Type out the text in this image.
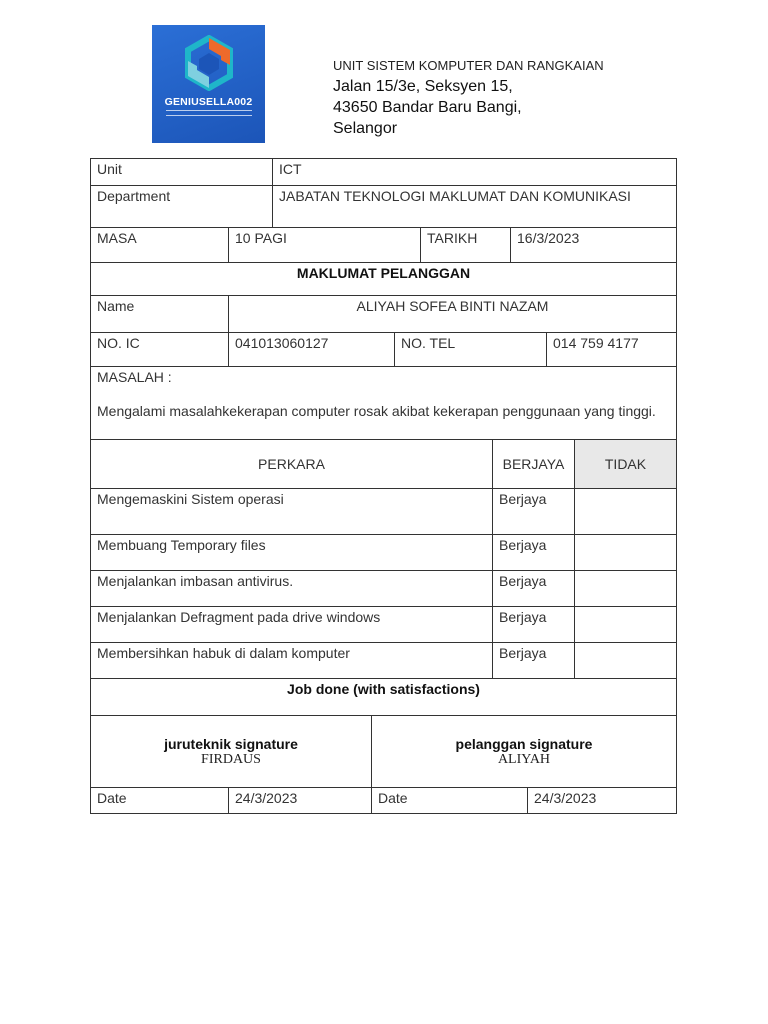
GENIUSELLA002
UNIT SISTEM KOMPUTER DAN RANGKAIAN
Jalan 15/3e, Seksyen 15,
43650 Bandar Baru Bangi,
Selangor
Unit	ICT
Department	JABATAN TEKNOLOGI MAKLUMAT DAN KOMUNIKASI
MASA	10 PAGI	TARIKH	16/3/2023
MAKLUMAT PELANGGAN
Name	ALIYAH SOFEA BINTI NAZAM
NO. IC	041013060127	NO. TEL	014 759 4177
MASALAH :
Mengalami masalahkekerapan computer rosak akibat kekerapan penggunaan yang tinggi.
PERKARA	BERJAYA	TIDAK
Mengemaskini Sistem operasi	Berjaya
Membuang Temporary files	Berjaya
Menjalankan imbasan antivirus.	Berjaya
Menjalankan Defragment pada drive windows	Berjaya
Membersihkan habuk di dalam komputer	Berjaya
Job done (with satisfactions)
juruteknik signature
FIRDAUS
pelanggan signature
ALIYAH
Date	24/3/2023	Date	24/3/2023
